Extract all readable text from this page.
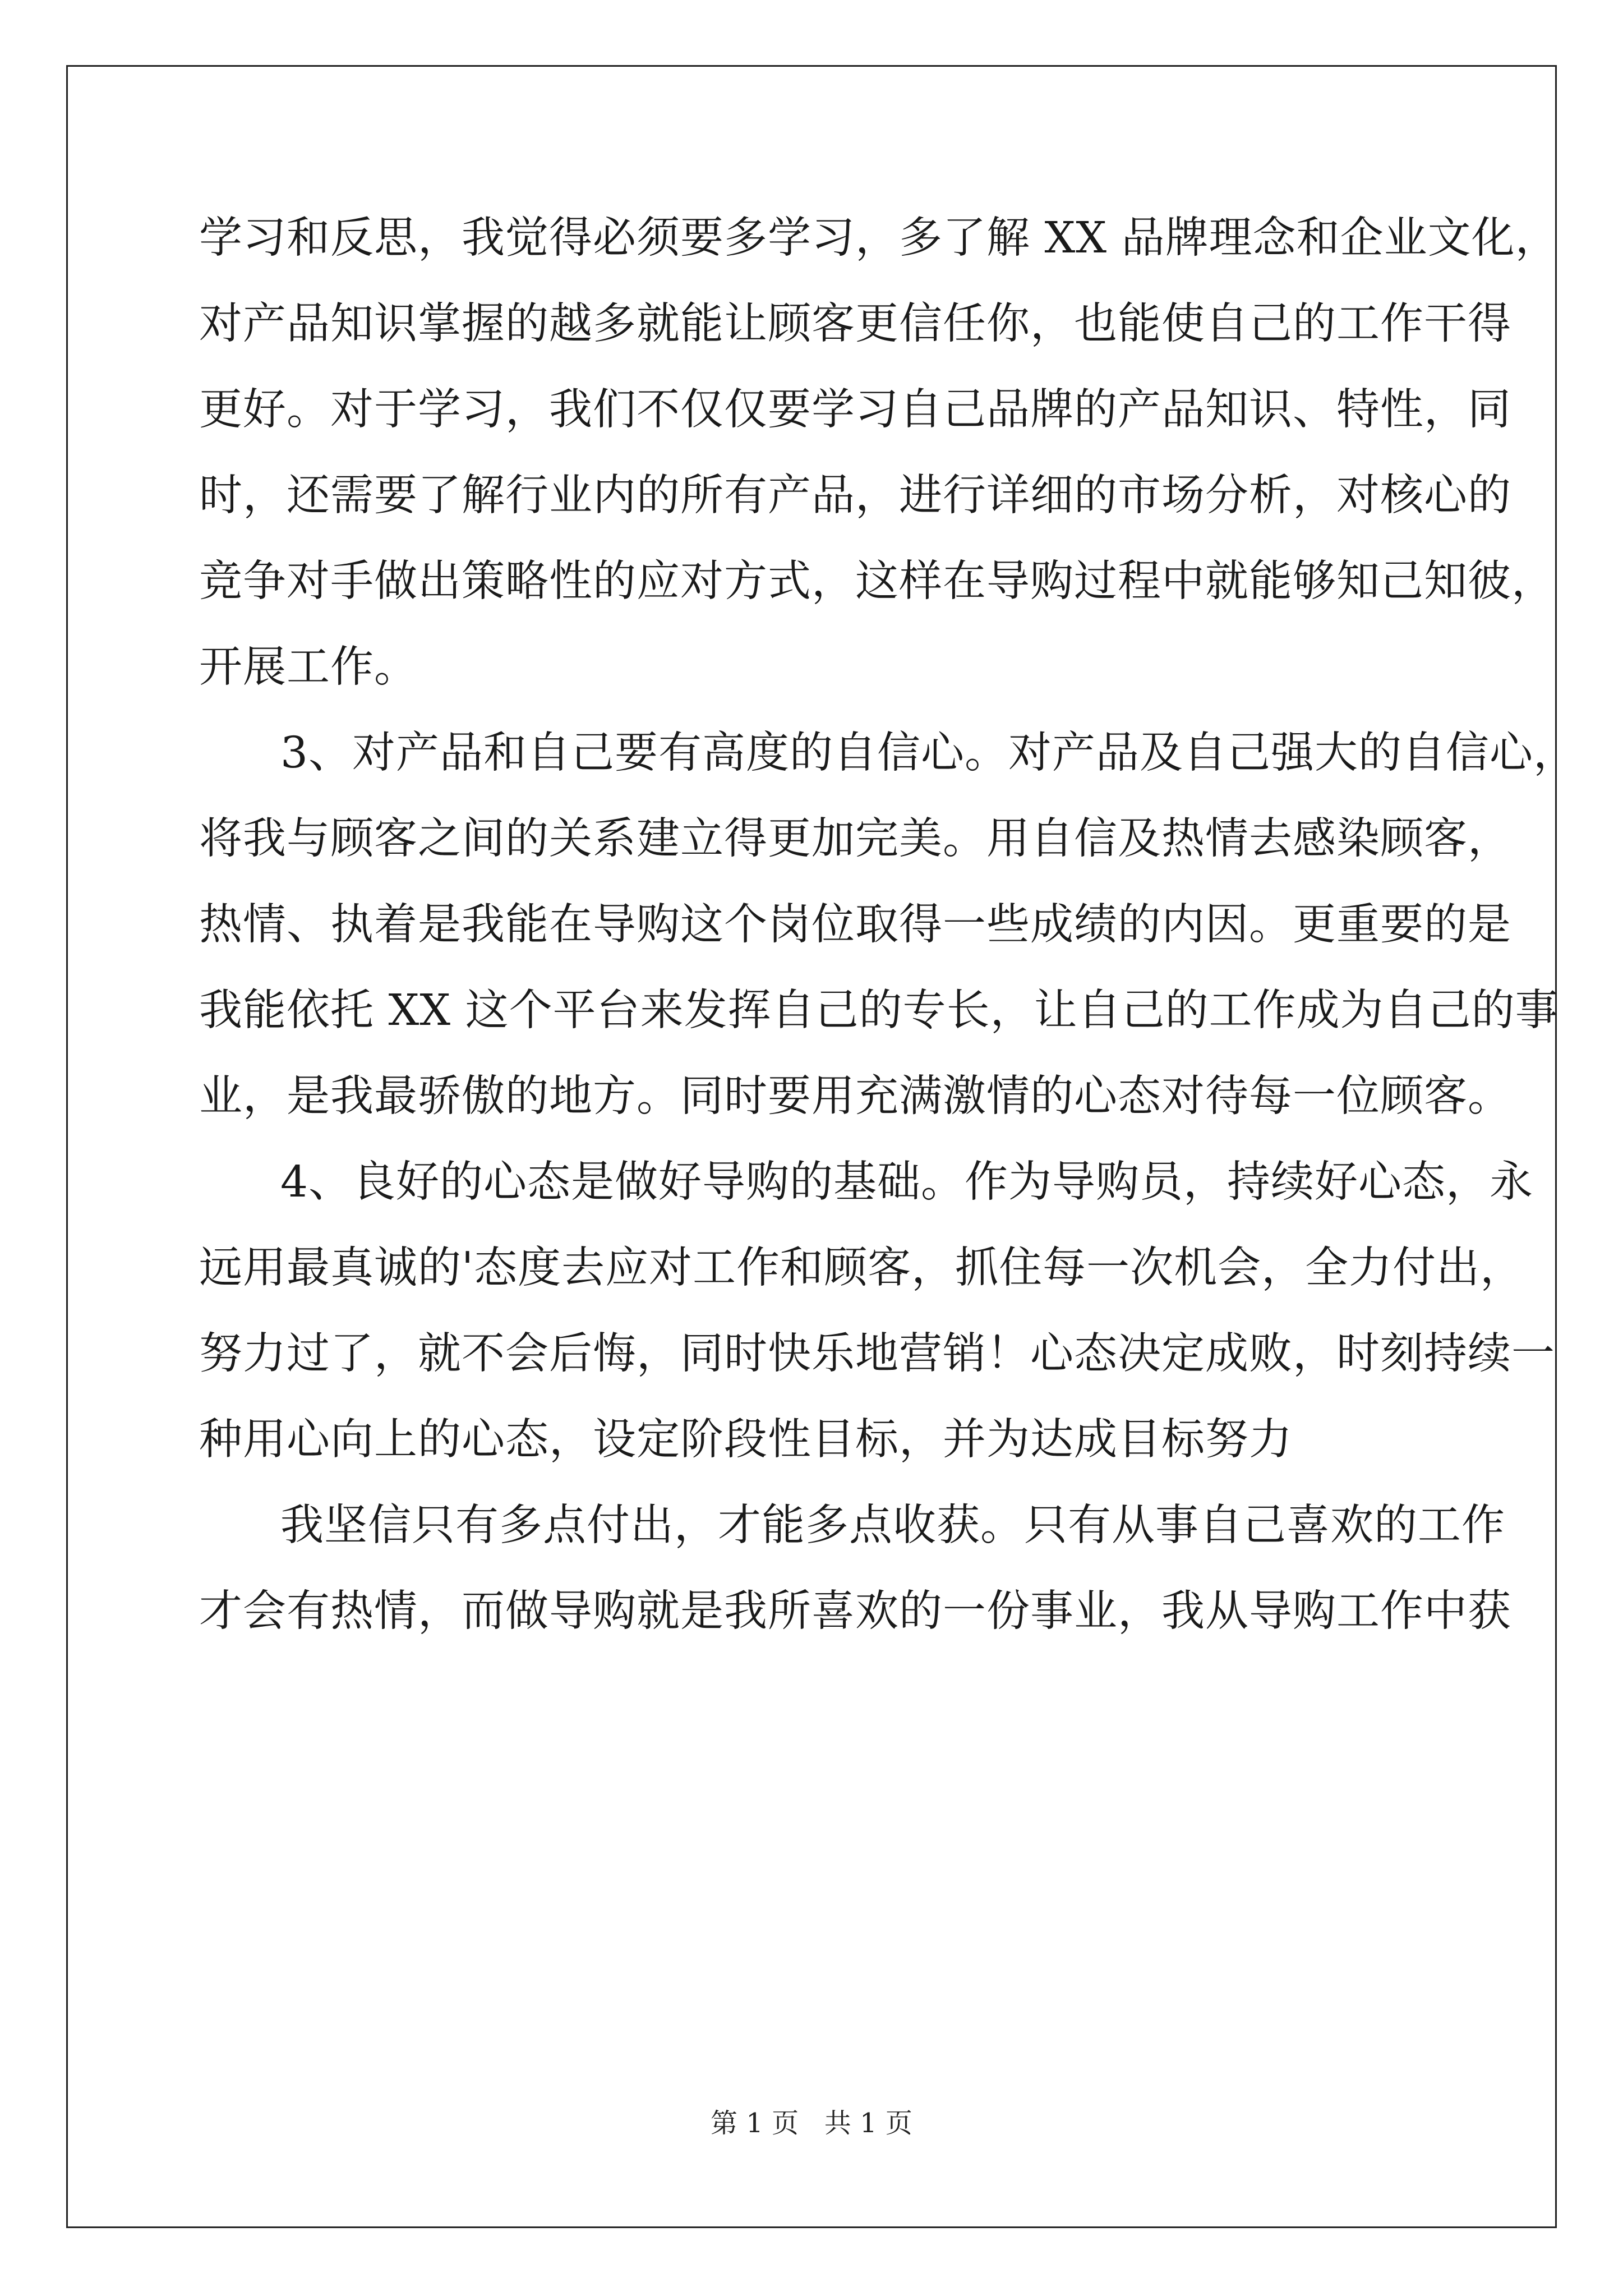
学习和反思，我觉得必须要多学习，多了解 XX 品牌理念和企业文化，
对产品知识掌握的越多就能让顾客更信任你，也能使自己的工作干得
更好。对于学习，我们不仅仅要学习自己品牌的产品知识、特性，同
时，还需要了解行业内的所有产品，进行详细的市场分析，对核心的
竞争对手做出策略性的应对方式，这样在导购过程中就能够知己知彼，
开展工作。
3、对产品和自己要有高度的自信心。对产品及自己强大的自信心，
将我与顾客之间的关系建立得更加完美。用自信及热情去感染顾客，
热情、执着是我能在导购这个岗位取得一些成绩的内因。更重要的是
我能依托 XX 这个平台来发挥自己的专长，让自己的工作成为自己的事
业，是我最骄傲的地方。同时要用充满激情的心态对待每一位顾客。
4、良好的心态是做好导购的基础。作为导购员，持续好心态，永
远用最真诚的'态度去应对工作和顾客，抓住每一次机会，全力付出，
努力过了，就不会后悔，同时快乐地营销！心态决定成败，时刻持续一
种用心向上的心态，设定阶段性目标，并为达成目标努力
我坚信只有多点付出，才能多点收获。只有从事自己喜欢的工作
才会有热情，而做导购就是我所喜欢的一份事业，我从导购工作中获
第 1 页   共 1 页
